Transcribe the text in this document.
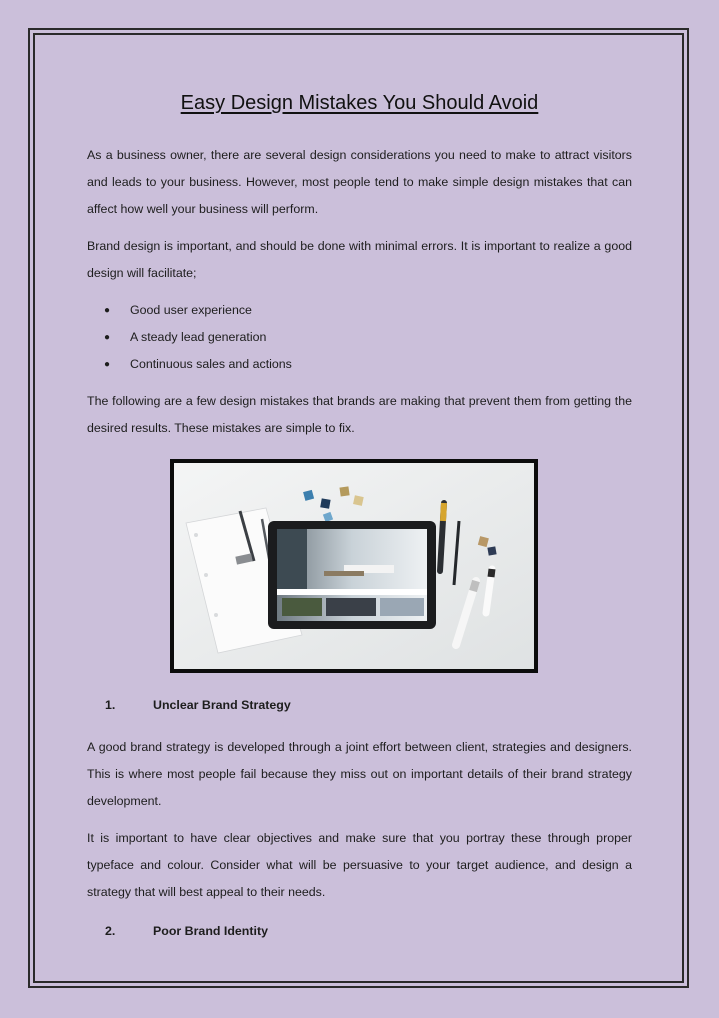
Easy Design Mistakes You Should Avoid

As a business owner, there are several design considerations you need to make to attract visitors and leads to your business. However, most people tend to make simple design mistakes that can affect how well your business will perform.

Brand design is important, and should be done with minimal errors. It is important to realize a good design will facilitate;

● Good user experience
● A steady lead generation
● Continuous sales and actions

The following are a few design mistakes that brands are making that prevent them from getting the desired results. These mistakes are simple to fix.

1.	Unclear Brand Strategy

A good brand strategy is developed through a joint effort between client, strategies and designers. This is where most people fail because they miss out on important details of their brand strategy development.

It is important to have clear objectives and make sure that you portray these through proper typeface and colour. Consider what will be persuasive to your target audience, and design a strategy that will best appeal to their needs.

2.	Poor Brand Identity
